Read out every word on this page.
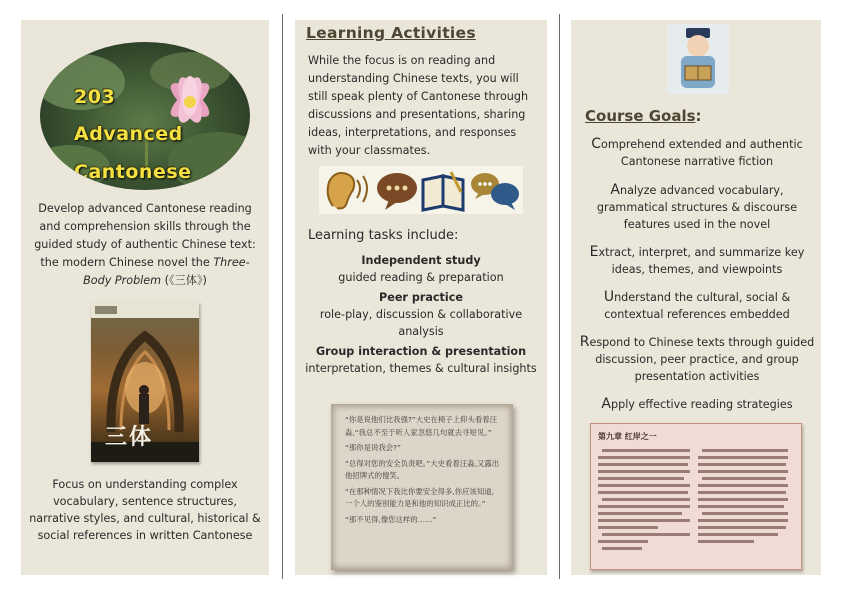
203
Advanced
Cantonese
Develop advanced Cantonese reading and comprehension skills through the guided study of authentic Chinese text: the modern Chinese novel the Three-Body Problem (《三体》)
三体
Focus on understanding complex vocabulary, sentence structures, narrative styles, and cultural, historical & social references in written Cantonese
Learning Activities
While the focus is on reading and understanding Chinese texts, you will still speak plenty of Cantonese through discussions and presentations, sharing ideas, interpretations, and responses with your classmates.
Learning tasks include:
Independent study
guided reading & preparation
Peer practice
role-play, discussion & collaborative analysis
Group interaction & presentation
interpretation, themes & cultural insights

“你是说他们比我强?”大史在椅子上仰头看着汪淼,“我总不至于听人家忽悠几句就去寻短见。”

“那你是说我会?”

“总得对您的安全负责吧。”大史看着汪淼,又露出他招牌式的傻笑。

“在那种情况下我比你要安全得多,你应该知道,一个人的鉴别能力是和他的知识成正比的。”

“那不见得,像您这样的……”

Course Goals:
Comprehend extended and authentic Cantonese narrative fiction
Analyze advanced vocabulary, grammatical structures & discourse features used in the novel
Extract, interpret, and summarize key ideas, themes, and viewpoints
Understand the cultural, social & contextual references embedded
Respond to Chinese texts through guided discussion, peer practice, and group presentation activities
Apply effective reading strategies
第九章 红岸之一
